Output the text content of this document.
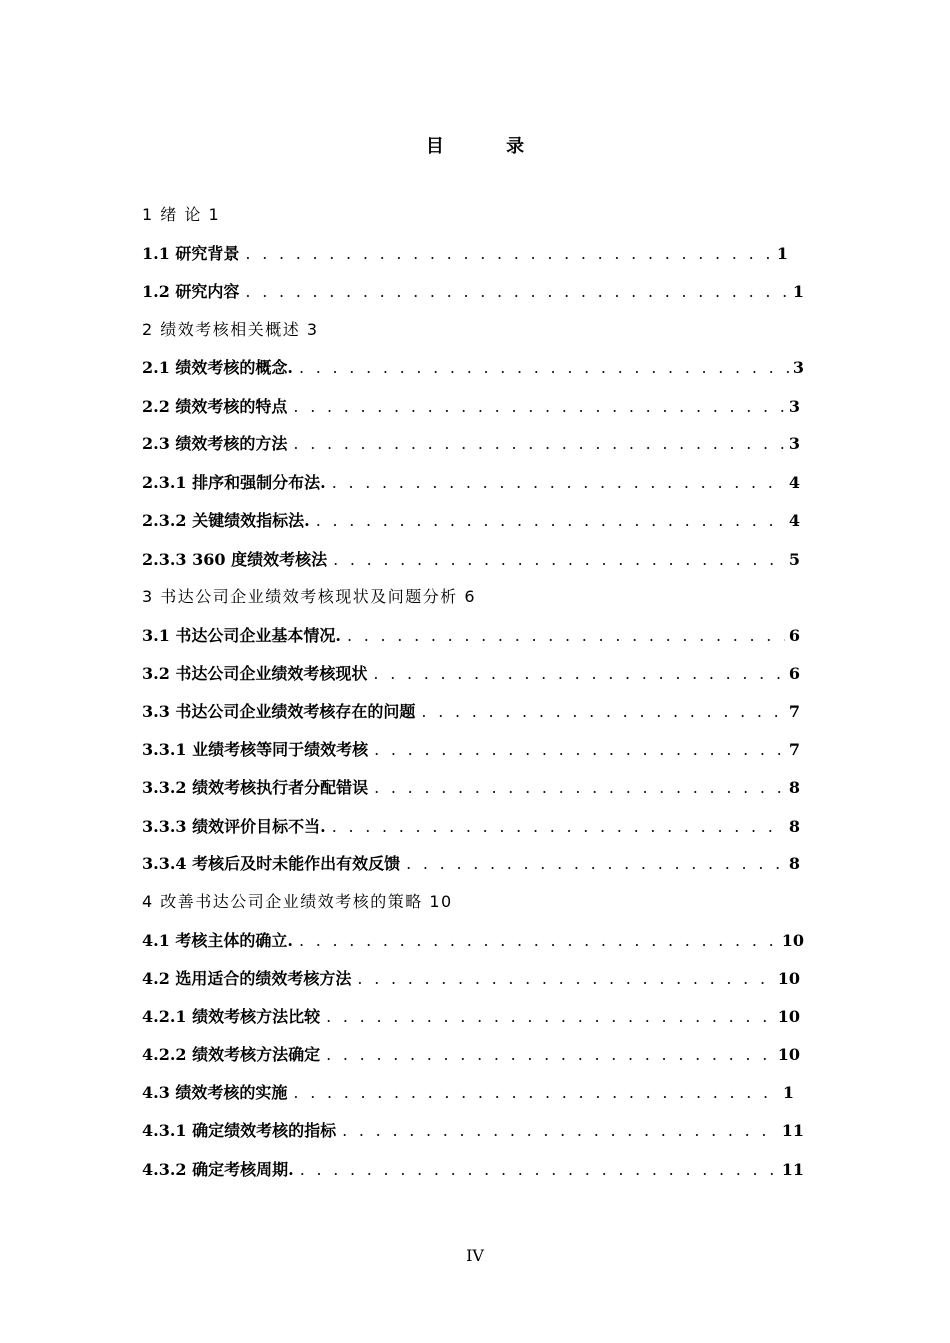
目 录
1 绪 论 1
1.1 研究背景 . . .	1
1.2 研究内容 . . .	1
2 绩效考核相关概述 3
2.1 绩效考核的概念. . . .	3
2.2 绩效考核的特点 . . .	3
2.3 绩效考核的方法 . . .	3
2.3.1 排序和强制分布法. . . .	4
2.3.2 关键绩效指标法. . . .	4
2.3.3 360 度绩效考核法 . . .	5
3 书达公司企业绩效考核现状及问题分析 6
3.1 书达公司企业基本情况. . . .	6
3.2 书达公司企业绩效考核现状 . . .	6
3.3 书达公司企业绩效考核存在的问题 . . .	7
3.3.1 业绩考核等同于绩效考核 . . .	7
3.3.2 绩效考核执行者分配错误 . . .	8
3.3.3 绩效评价目标不当. . . .	8
3.3.4 考核后及时未能作出有效反馈 . . .	8
4 改善书达公司企业绩效考核的策略 10
4.1 考核主体的确立. . . .	10
4.2 选用适合的绩效考核方法 . . .	10
4.2.1 绩效考核方法比较 . . .	10
4.2.2 绩效考核方法确定 . . .	10
4.3 绩效考核的实施 . . .	1
4.3.1 确定绩效考核的指标 . . .	11
4.3.2 确定考核周期. . . .	11
IV
